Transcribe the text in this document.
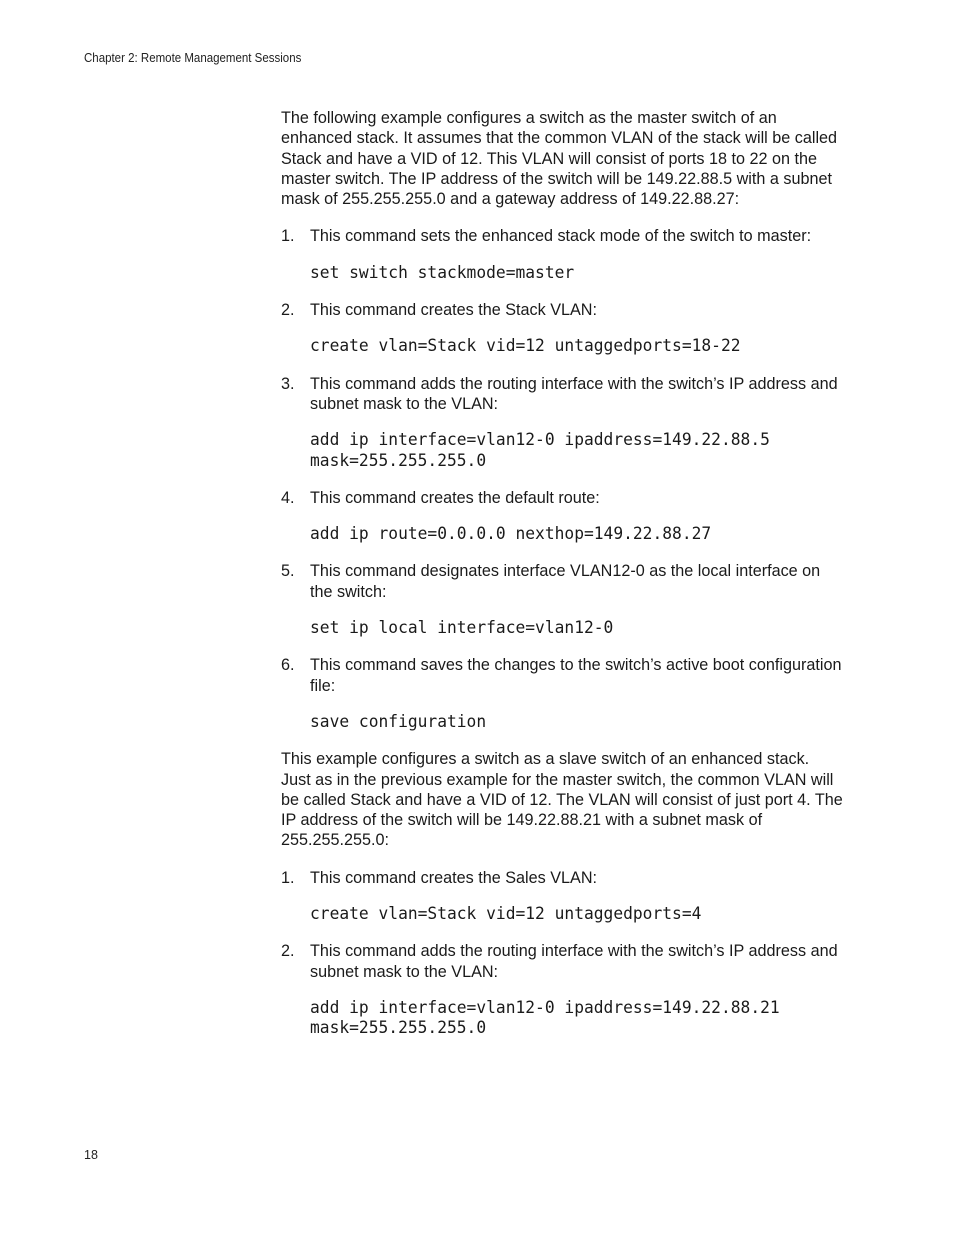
Chapter 2: Remote Management Sessions

The following example configures a switch as the master switch of an enhanced stack. It assumes that the common VLAN of the stack will be called Stack and have a VID of 12. This VLAN will consist of ports 18 to 22 on the master switch. The IP address of the switch will be 149.22.88.5 with a subnet mask of 255.255.255.0 and a gateway address of 149.22.88.27:

1. This command sets the enhanced stack mode of the switch to master:

set switch stackmode=master
2. This command creates the Stack VLAN:

create vlan=Stack vid=12 untaggedports=18-22
3. This command adds the routing interface with the switch’s IP address and subnet mask to the VLAN:

add ip interface=vlan12-0 ipaddress=149.22.88.5
mask=255.255.255.0
4. This command creates the default route:

add ip route=0.0.0.0 nexthop=149.22.88.27
5. This command designates interface VLAN12-0 as the local interface on the switch:

set ip local interface=vlan12-0
6. This command saves the changes to the switch’s active boot configuration file:

save configuration

This example configures a switch as a slave switch of an enhanced stack. Just as in the previous example for the master switch, the common VLAN will be called Stack and have a VID of 12. The VLAN will consist of just port 4. The IP address of the switch will be 149.22.88.21 with a subnet mask of 255.255.255.0:

1. This command creates the Sales VLAN:

create vlan=Stack vid=12 untaggedports=4
2. This command adds the routing interface with the switch’s IP address and subnet mask to the VLAN:

add ip interface=vlan12-0 ipaddress=149.22.88.21
mask=255.255.255.0
18
